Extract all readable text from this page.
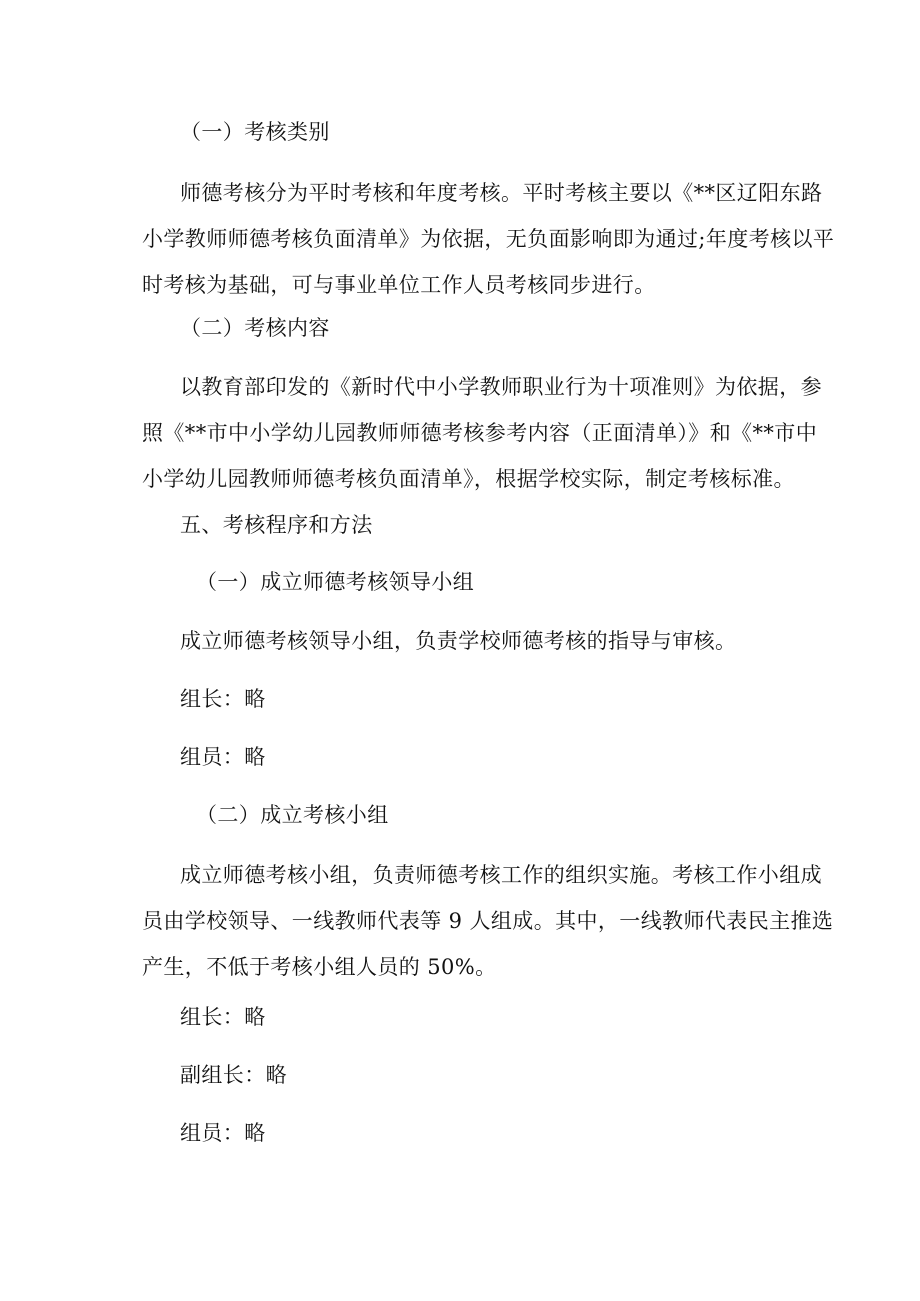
（一）考核类别
师德考核分为平时考核和年度考核。平时考核主要以《**区辽阳东路
小学教师师德考核负面清单》为依据，无负面影响即为通过;年度考核以平
时考核为基础，可与事业单位工作人员考核同步进行。
（二）考核内容
以教育部印发的《新时代中小学教师职业行为十项准则》为依据，参
照《**市中小学幼儿园教师师德考核参考内容（正面清单）》和《**市中
小学幼儿园教师师德考核负面清单》，根据学校实际，制定考核标准。
五、考核程序和方法
（一）成立师德考核领导小组
成立师德考核领导小组，负责学校师德考核的指导与审核。
组长：略
组员：略
（二）成立考核小组
成立师德考核小组，负责师德考核工作的组织实施。考核工作小组成
员由学校领导、一线教师代表等 9 人组成。其中，一线教师代表民主推选
产生，不低于考核小组人员的 50%。
组长：略
副组长：略
组员：略
